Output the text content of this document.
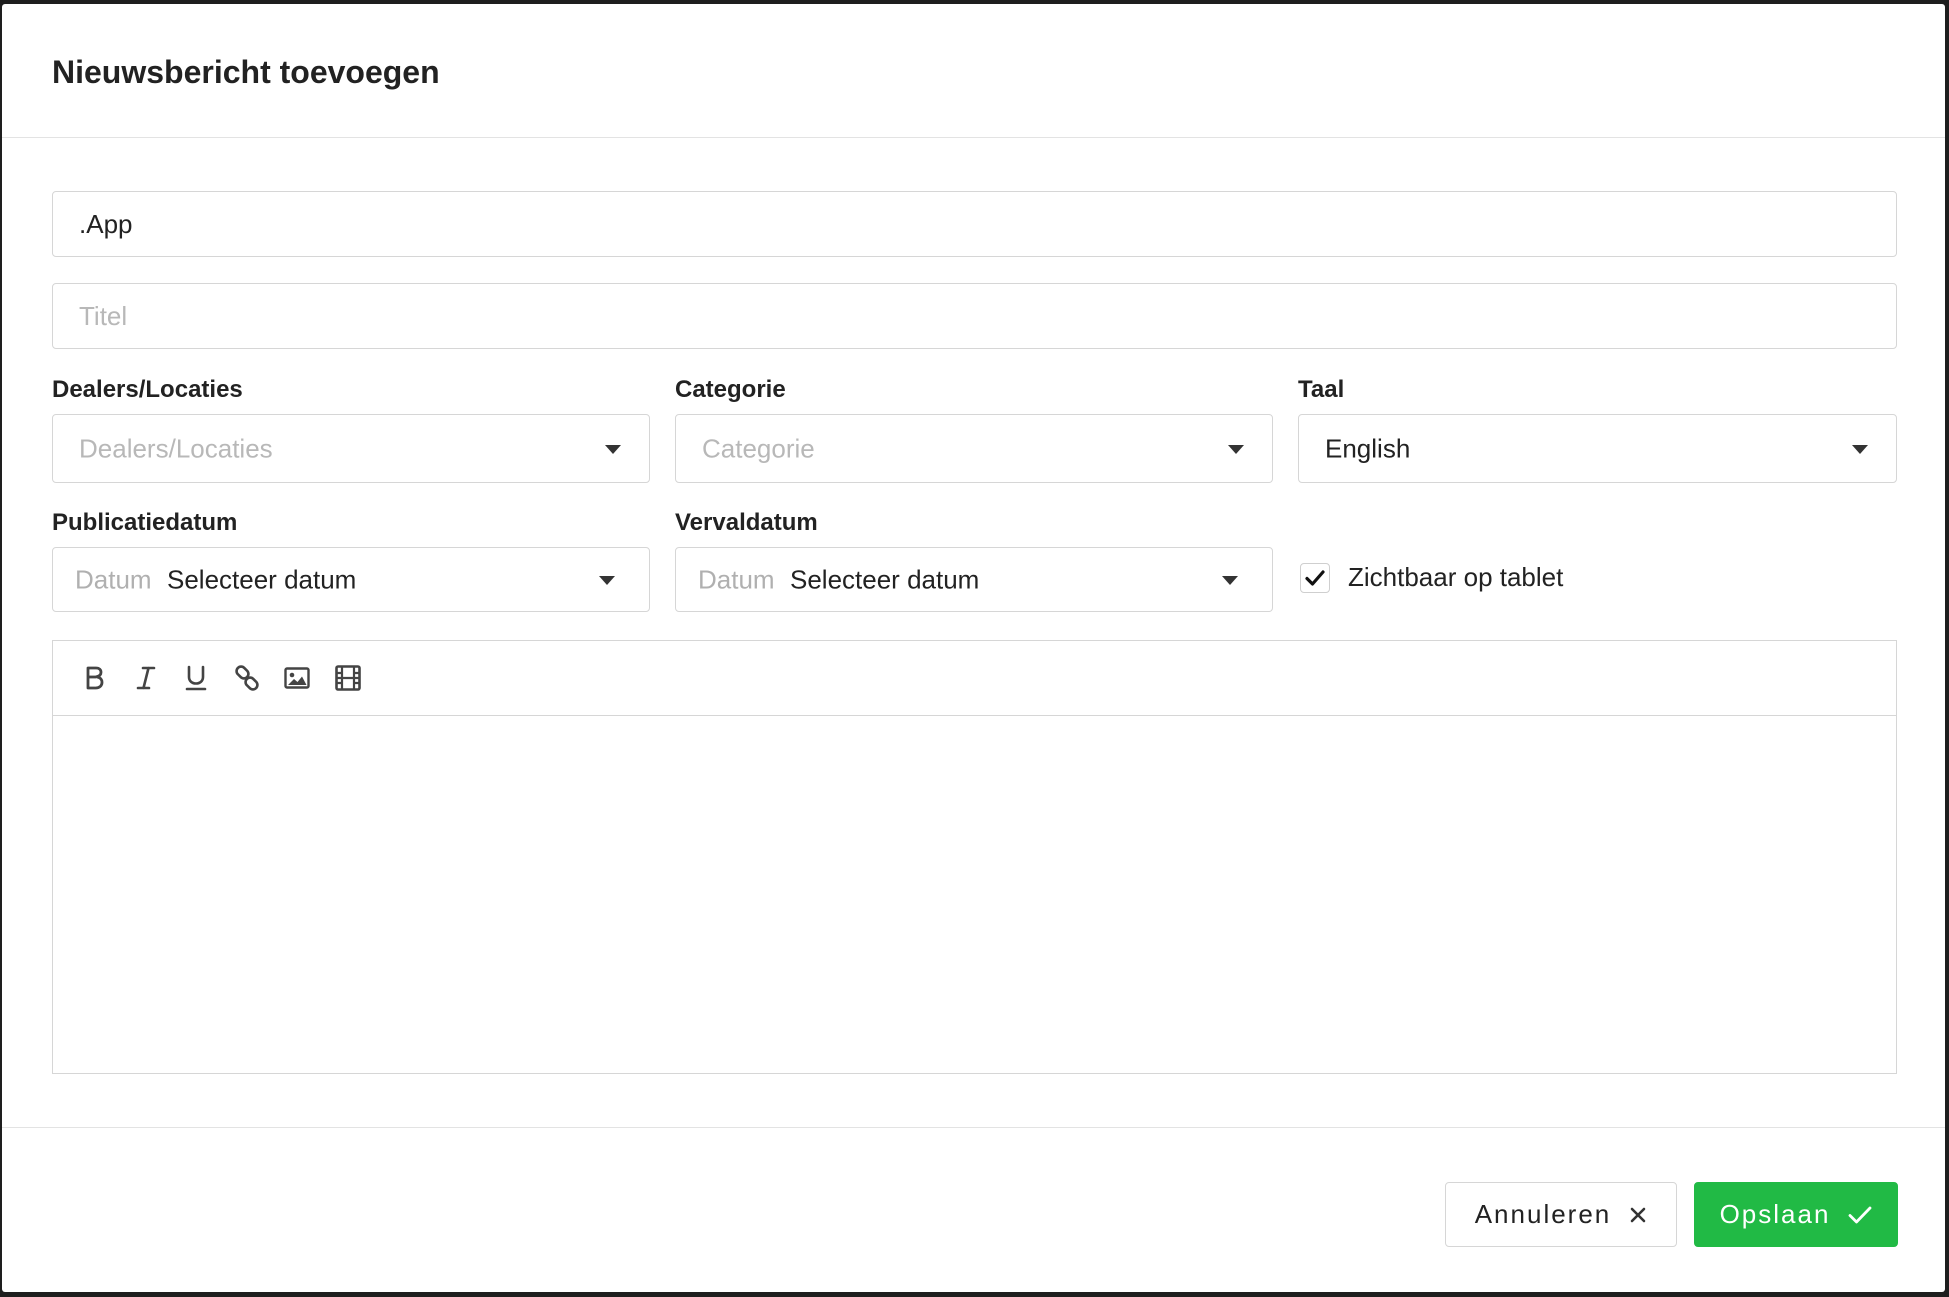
Nieuwsbericht toevoegen
.App
Titel
Dealers/Locaties	Categorie	Taal
Dealers/Locaties	Categorie	English
Publicatiedatum	Vervaldatum
Datum Selecteer datum	Datum Selecteer datum	Zichtbaar op tablet
Annuleren	Opslaan
